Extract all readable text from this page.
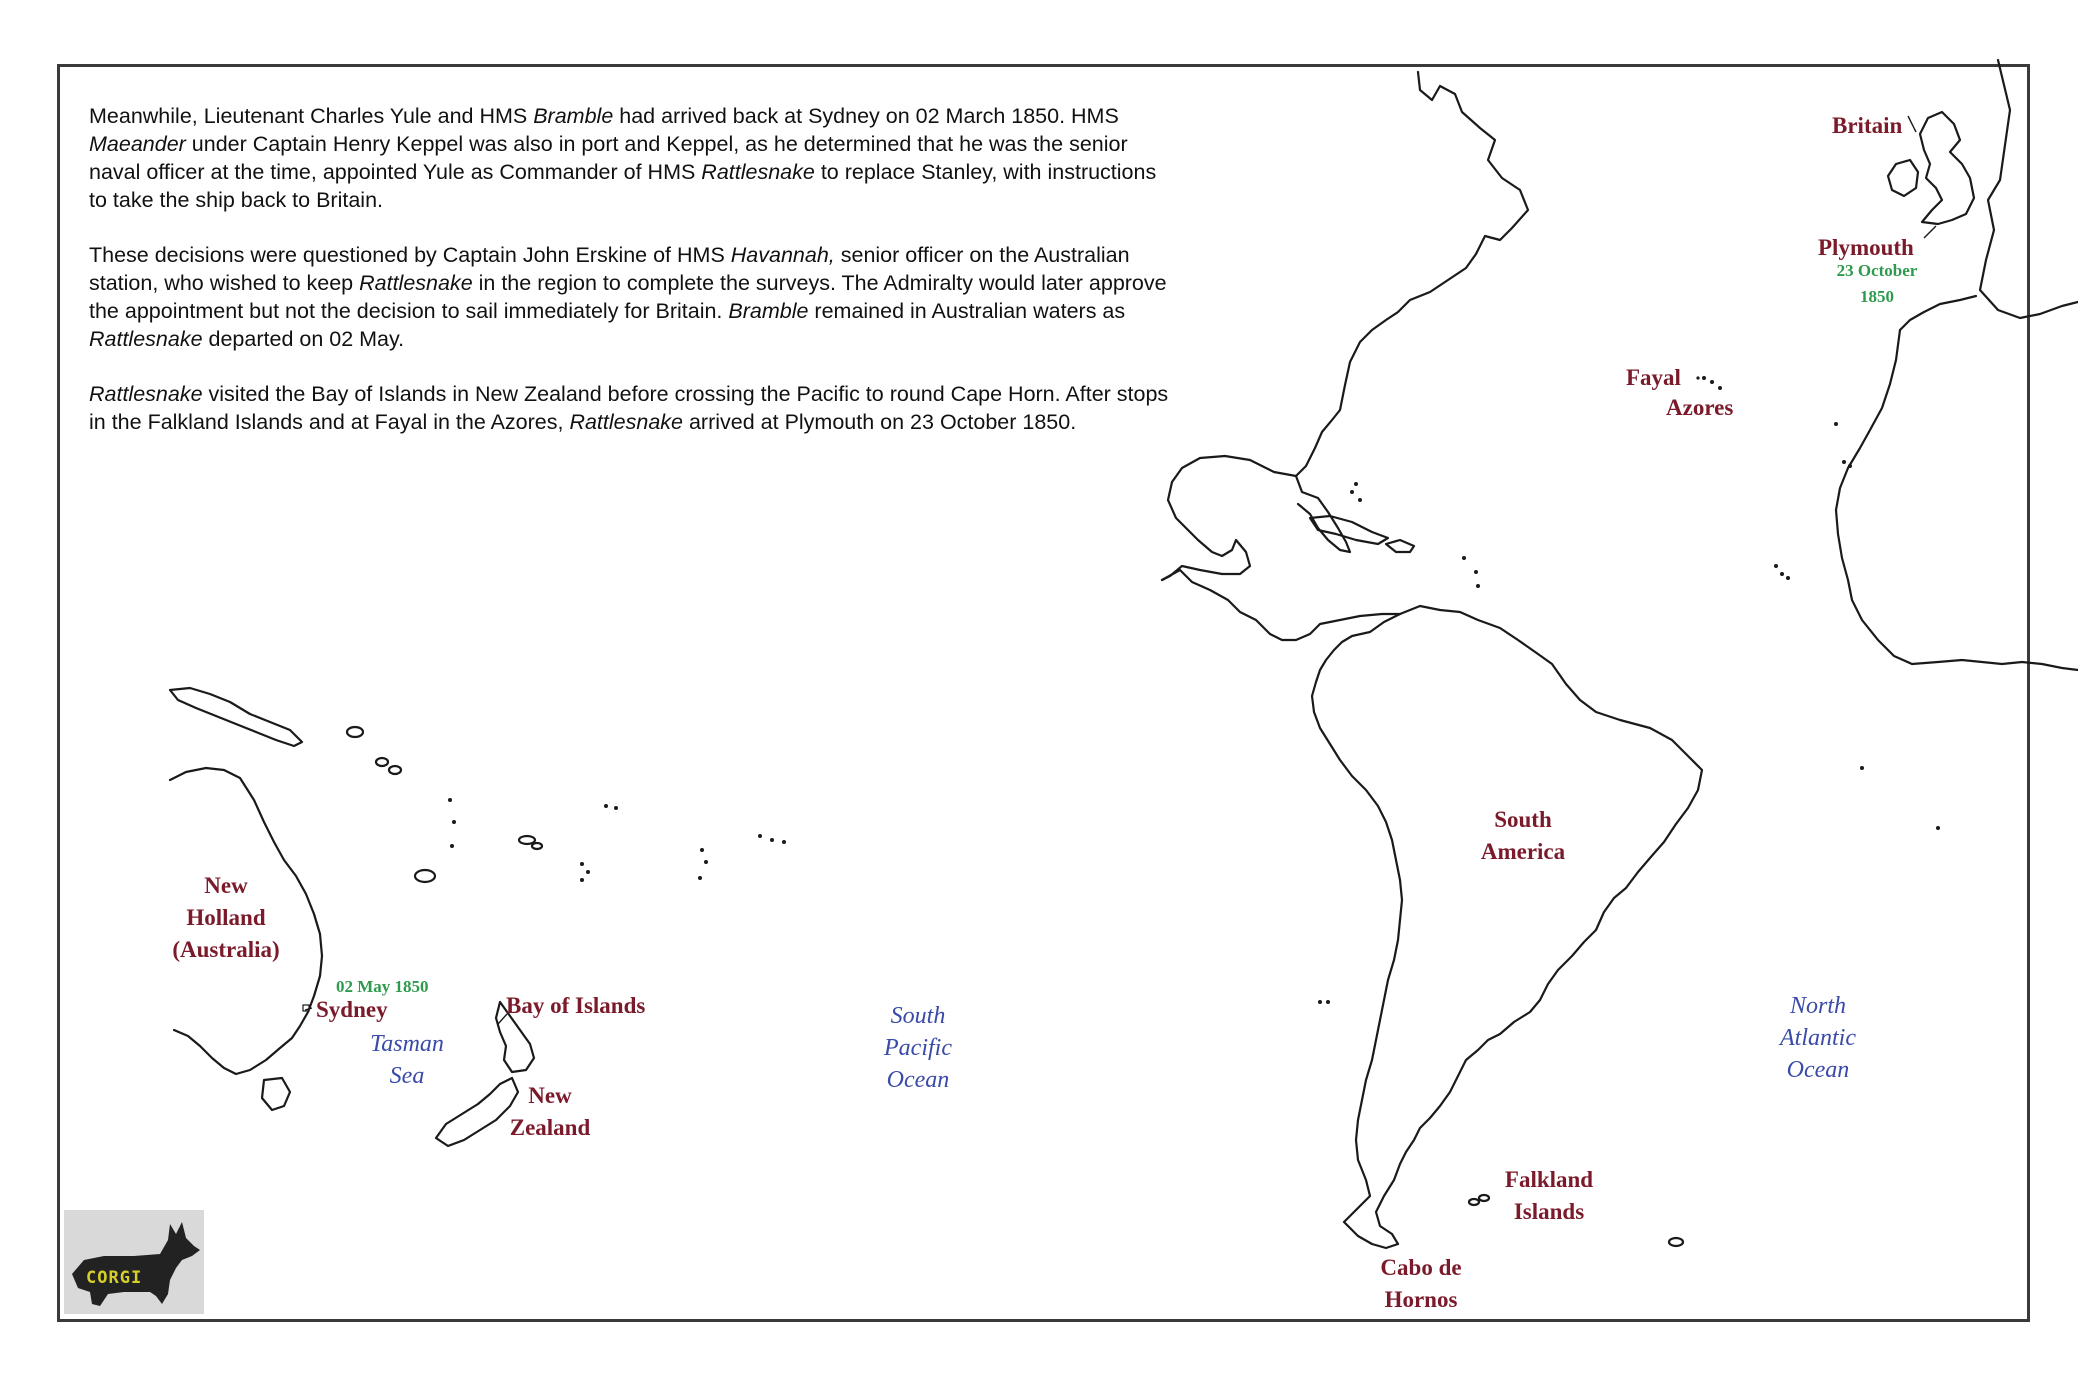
Meanwhile, Lieutenant Charles Yule and HMS Bramble had arrived back at Sydney on 02 March 1850. HMS Maeander under Captain Henry Keppel was also in port and Keppel, as he determined that he was the senior naval officer at the time, appointed Yule as Commander of HMS Rattlesnake to replace Stanley, with instructions to take the ship back to Britain.

These decisions were questioned by Captain John Erskine of HMS Havannah, senior officer on the Australian station, who wished to keep Rattlesnake in the region to complete the surveys. The Admiralty would later approve the appointment but not the decision to sail immediately for Britain. Bramble remained in Australian waters as Rattlesnake departed on 02 May.

Rattlesnake visited the Bay of Islands in New Zealand before crossing the Pacific to round Cape Horn. After stops in the Falkland Islands and at Fayal in the Azores, Rattlesnake arrived at Plymouth on 23 October 1850.

Britain
Plymouth
23 October
1850
Fayal
Azores
South
America
Falkland
Islands
Cabo de
Hornos
New
Holland
(Australia)
02 May 1850
Sydney	Bay of Islands
New
Zealand
Tasman
Sea
South
Pacific
Ocean
North
Atlantic
Ocean
CORGI
